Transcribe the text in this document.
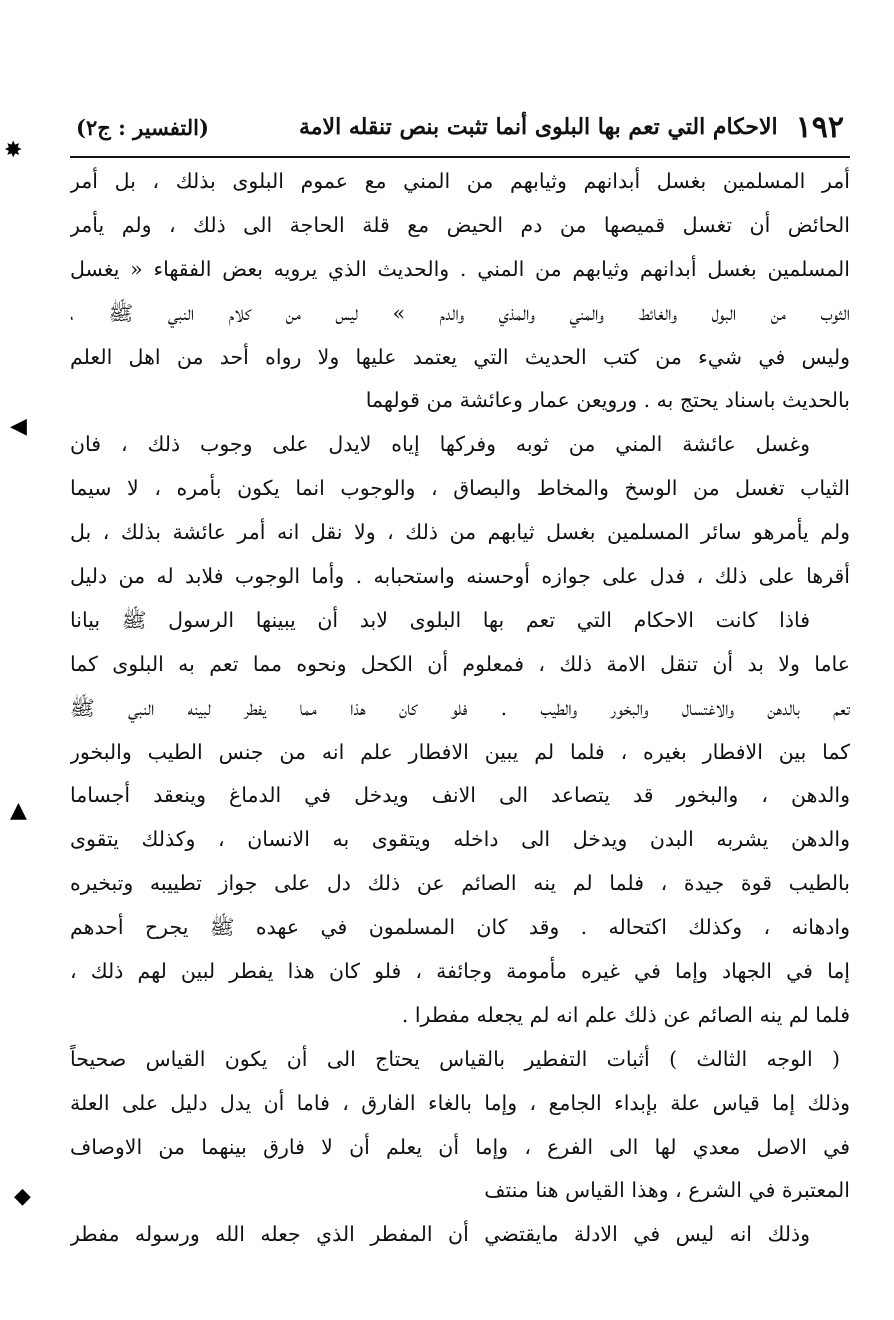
١٩٢
الاحكام التي تعم بها البلوى أنما تثبت بنص تنقله الامة
(التفسير : ج٢)
أمر المسلمين بغسل أبدانهم وثيابهم من المني مع عموم البلوى بذلك ، بل أمر
الحائض أن تغسل قميصها من دم الحيض مع قلة الحاجة الى ذلك ، ولم يأمر
المسلمين بغسل أبدانهم وثيابهم من المني . والحديث الذي يرويه بعض الفقهاء « يغسل
الثوب من البول والغائط والمني والمذي والدم » ليس من كلام النبي ﷺ ،
وليس في شيء من كتب الحديث التي يعتمد عليها ولا رواه أحد من اهل العلم
بالحديث باسناد يحتج به . ورويعن عمار وعائشة من قولهما
وغسل عائشة المني من ثوبه وفركها إياه لايدل على وجوب ذلك ، فان
الثياب تغسل من الوسخ والمخاط والبصاق ، والوجوب انما يكون بأمره ، لا سيما
ولم يأمرهو سائر المسلمين بغسل ثيابهم من ذلك ، ولا نقل انه أمر عائشة بذلك ، بل
أقرها على ذلك ، فدل على جوازه أوحسنه واستحبابه . وأما الوجوب فلابد له من دليل
فاذا كانت الاحكام التي تعم بها البلوى لابد أن يبينها الرسول ﷺ بيانا
عاما ولا بد أن تنقل الامة ذلك ، فمعلوم أن الكحل ونحوه مما تعم به البلوى كما
تعم بالدهن والاغتسال والبخور والطيب . فلو كان هذا مما يفطر لبينه النبي ﷺ
كما بين الافطار بغيره ، فلما لم يبين الافطار علم انه من جنس الطيب والبخور
والدهن ، والبخور قد يتصاعد الى الانف ويدخل في الدماغ وينعقد أجساما
والدهن يشربه البدن ويدخل الى داخله ويتقوى به الانسان ، وكذلك يتقوى
بالطيب قوة جيدة ، فلما لم ينه الصائم عن ذلك دل على جواز تطييبه وتبخيره
وادهانه ، وكذلك اكتحاله . وقد كان المسلمون في عهده ﷺ يجرح أحدهم
إما في الجهاد وإما في غيره مأمومة وجائفة ، فلو كان هذا يفطر لبين لهم ذلك ،
فلما لم ينه الصائم عن ذلك علم انه لم يجعله مفطرا .
( الوجه الثالث ) أثبات التفطير بالقياس يحتاج الى أن يكون القياس صحيحاً
وذلك إما قياس علة بإبداء الجامع ، وإما بالغاء الفارق ، فاما أن يدل دليل على العلة
في الاصل معدي لها الى الفرع ، وإما أن يعلم أن لا فارق بينهما من الاوصاف
المعتبرة في الشرع ، وهذا القياس هنا منتف
وذلك انه ليس في الادلة مايقتضي أن المفطر الذي جعله الله ورسوله مفطر
✸
◀
▲
◆
